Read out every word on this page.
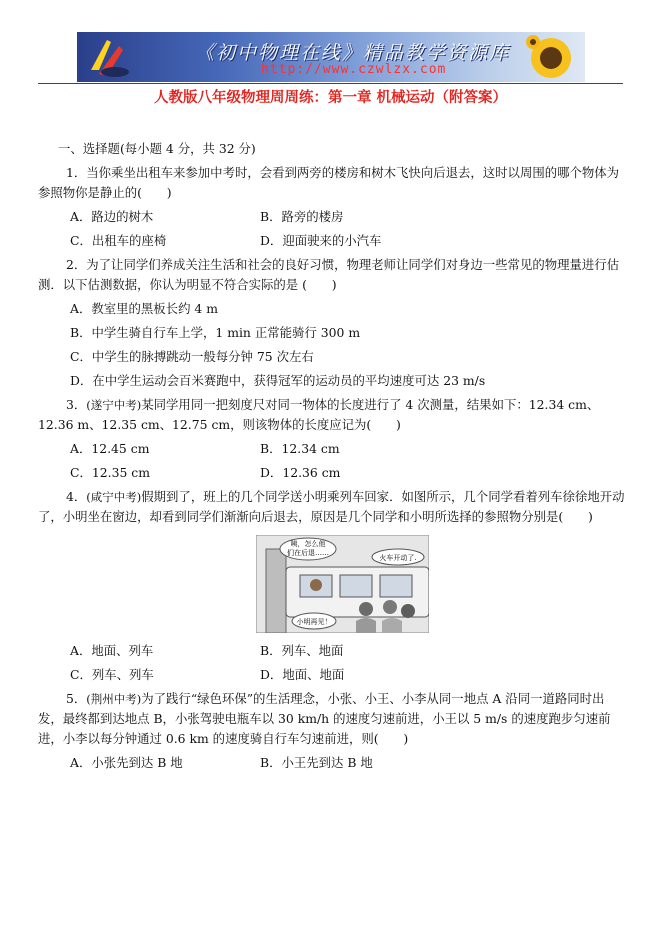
《初中物理在线》精品教学资源库
http://www.czwlzx.com
人教版八年级物理周周练：第一章 机械运动（附答案）

一、选择题(每小题 4 分，共 32 分)

1．当你乘坐出租车来参加中考时，会看到两旁的楼房和树木飞快向后退去，这时以周围的哪个物体为参照物你是静止的(　　)

A．路边的树木	B．路旁的楼房
C．出租车的座椅	D．迎面驶来的小汽车

2．为了让同学们养成关注生活和社会的良好习惯，物理老师让同学们对身边一些常见的物理量进行估测．以下估测数据，你认为明显不符合实际的是 (　　)

A．教室里的黑板长约 4 m

B．中学生骑自行车上学，1 min 正常能骑行 300 m

C．中学生的脉搏跳动一般每分钟 75 次左右

D．在中学生运动会百米赛跑中，获得冠军的运动员的平均速度可达 23 m/s

3．(遂宁中考)某同学用同一把刻度尺对同一物体的长度进行了 4 次测量，结果如下：12.34 cm、12.36 m、12.35 cm、12.75 cm，则该物体的长度应记为(　　)

A．12.45 cm	B．12.34 cm
C．12.35 cm	D．12.36 cm

4．(咸宁中考)假期到了，班上的几个同学送小明乘列车回家．如图所示，几个同学看着列车徐徐地开动了，小明坐在窗边，却看到同学们渐渐向后退去，原因是几个同学和小明所选择的参照物分别是(　　)

咦，怎么他
们在后退……
火车开动了.
小明再见！
A．地面、列车	B．列车、地面
C．列车、列车	D．地面、地面

5．(荆州中考)为了践行“绿色环保”的生活理念，小张、小王、小李从同一地点 A 沿同一道路同时出发，最终都到达地点 B，小张驾驶电瓶车以 30 km/h 的速度匀速前进，小王以 5 m/s 的速度跑步匀速前进，小李以每分钟通过 0.6 km 的速度骑自行车匀速前进，则(　　)

A．小张先到达 B 地	B．小王先到达 B 地
